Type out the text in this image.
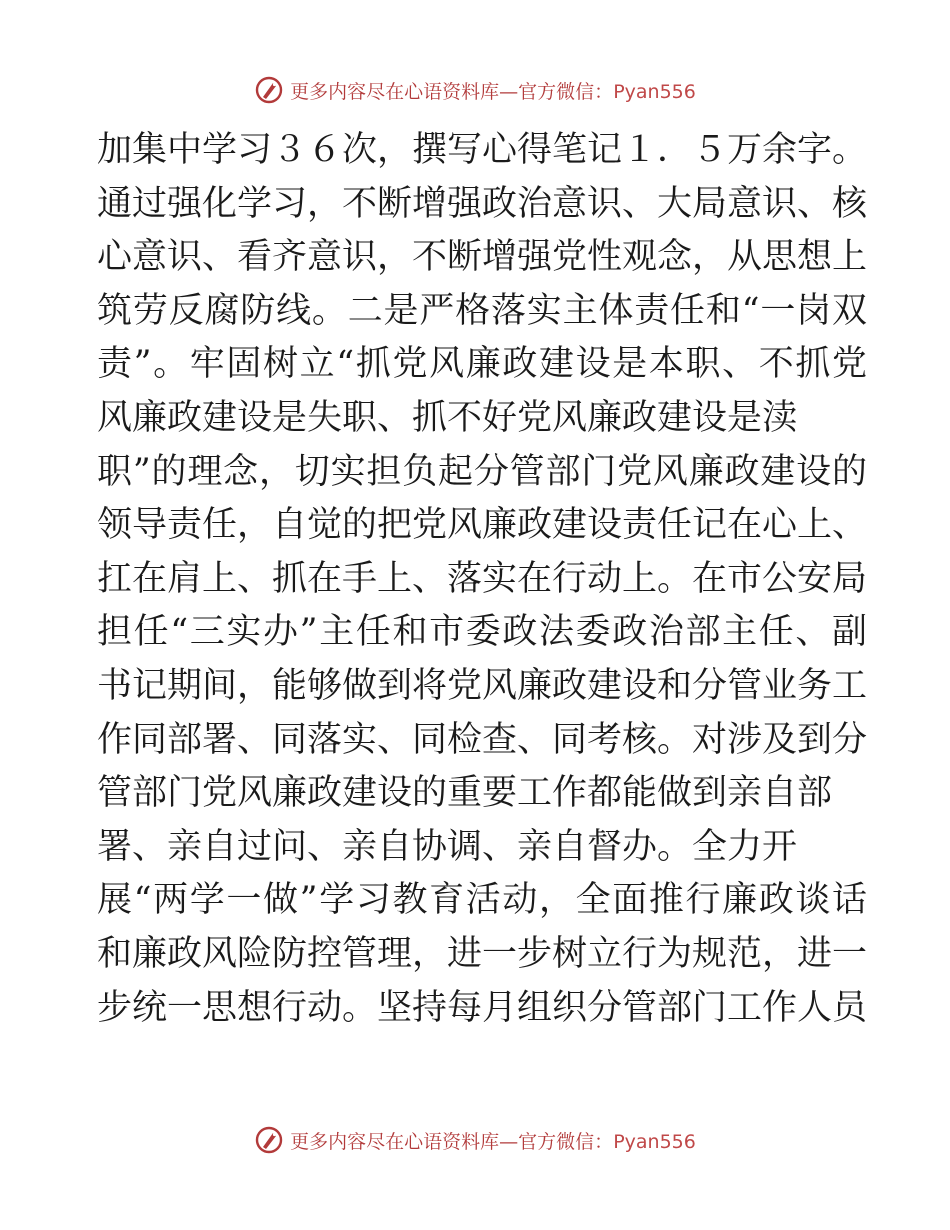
更多内容尽在心语资料库 — 官方微信： Pyan556
加集中学习３６次，撰写心得笔记１．５万余字。
通过强化学习，不断增强政治意识、大局意识、核
心意识、看齐意识，不断增强党性观念，从思想上
筑劳反腐防线。二是严格落实主体责任和“一岗双
责”。牢固树立“抓党风廉政建设是本职、不抓党
风廉政建设是失职、抓不好党风廉政建设是渎
职”的理念，切实担负起分管部门党风廉政建设的
领导责任，自觉的把党风廉政建设责任记在心上、
扛在肩上、抓在手上、落实在行动上。在市公安局
担任“三实办”主任和市委政法委政治部主任、副
书记期间，能够做到将党风廉政建设和分管业务工
作同部署、同落实、同检查、同考核。对涉及到分
管部门党风廉政建设的重要工作都能做到亲自部
署、亲自过问、亲自协调、亲自督办。全力开
展“两学一做”学习教育活动，全面推行廉政谈话
和廉政风险防控管理，进一步树立行为规范，进一
步统一思想行动。坚持每月组织分管部门工作人员
更多内容尽在心语资料库 — 官方微信： Pyan556
